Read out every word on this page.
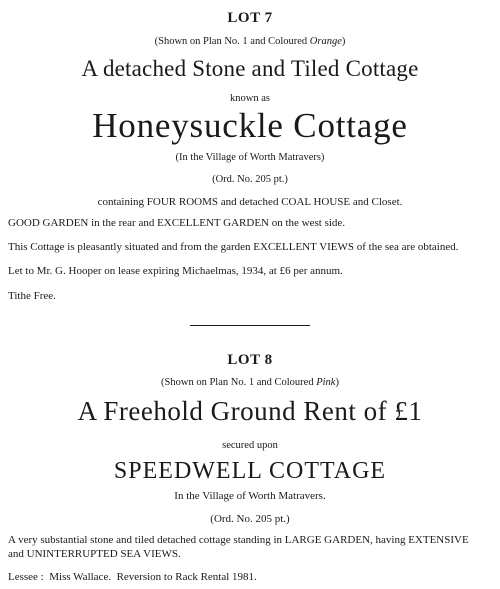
LOT 7

(Shown on Plan No. 1 and Coloured Orange)

A detached Stone and Tiled Cottage

known as

Honeysuckle Cottage

(In the Village of Worth Matravers)

(Ord. No. 205 pt.)

containing FOUR ROOMS and detached COAL HOUSE and Closet.

GOOD GARDEN in the rear and EXCELLENT GARDEN on the west side.

This Cottage is pleasantly situated and from the garden EXCELLENT VIEWS of the sea are obtained.

Let to Mr. G. Hooper on lease expiring Michaelmas, 1934, at £6 per annum.

Tithe Free.

LOT 8

(Shown on Plan No. 1 and Coloured Pink)

A Freehold Ground Rent of £1

secured upon

SPEEDWELL COTTAGE

In the Village of Worth Matravers.

(Ord. No. 205 pt.)

A very substantial stone and tiled detached cottage standing in LARGE GARDEN, having EXTENSIVE

and UNINTERRUPTED SEA VIEWS.

Lessee :  Miss Wallace.  Reversion to Rack Rental 1981.
